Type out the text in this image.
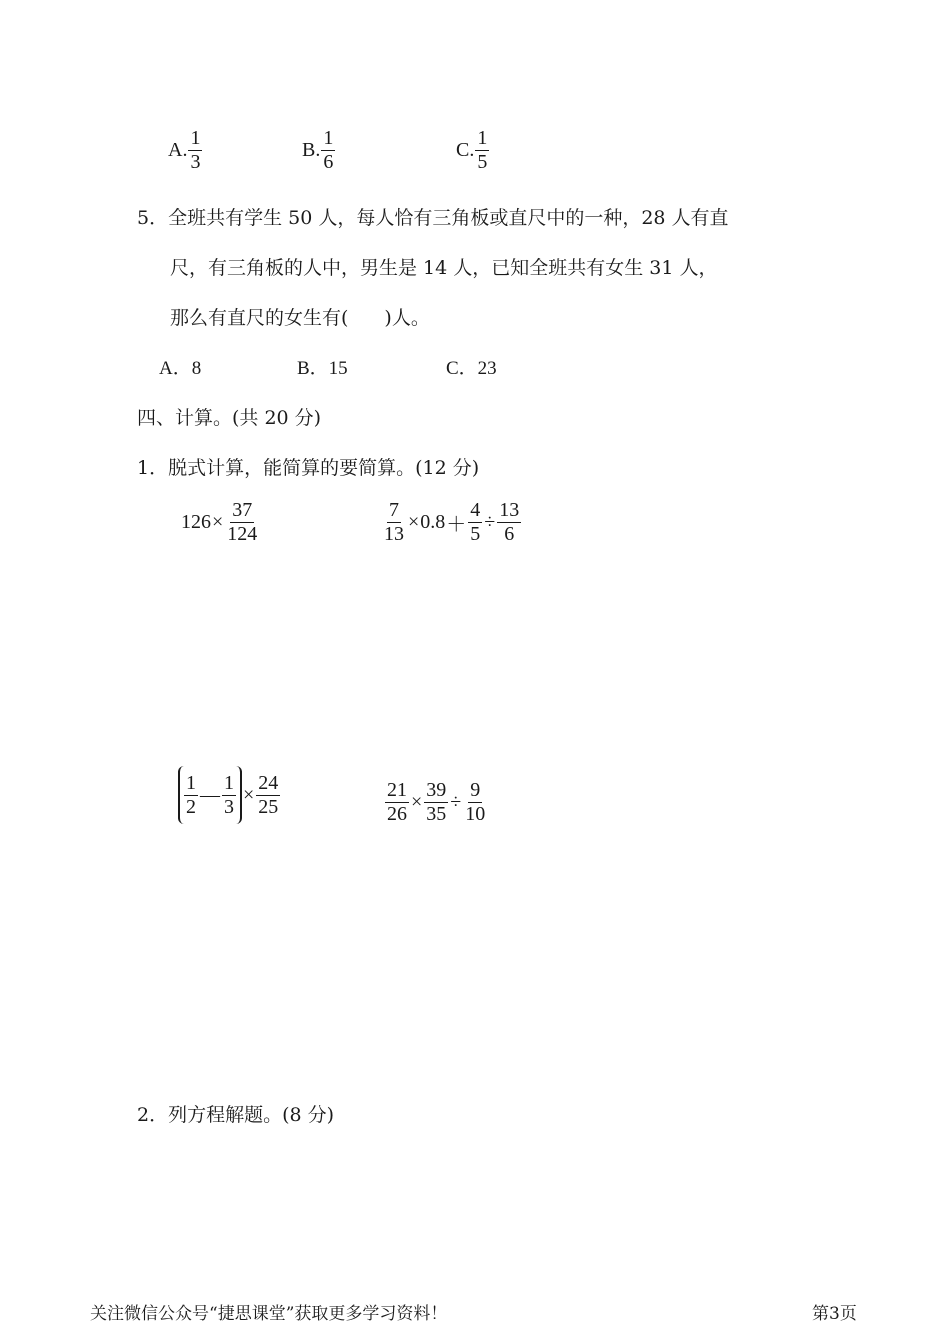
A. $\frac{1}{3}$	B. $\frac{1}{6}$	C. $\frac{1}{5}$
5．全班共有学生 50 人，每人恰有三角板或直尺中的一种，28 人有直
尺，有三角板的人中，男生是 14 人，已知全班共有女生 31 人，
那么有直尺的女生有( )人。
A．8	B．15	C．23
四、计算。(共 20 分)
1．脱式计算，能简算的要简算。(12 分)
$126 \times \frac{37}{124}$	$\frac{7}{13} \times 0.8 + \frac{4}{5} \div \frac{13}{6}$
$\frac{1}{2}$ — $\frac{1}{3} \times \frac{24}{25}$	$\frac{21}{26} \times \frac{39}{35} \div \frac{9}{10}$
2．列方程解题。(8 分)
关注微信公众号“捷思课堂”获取更多学习资料！	第3页
